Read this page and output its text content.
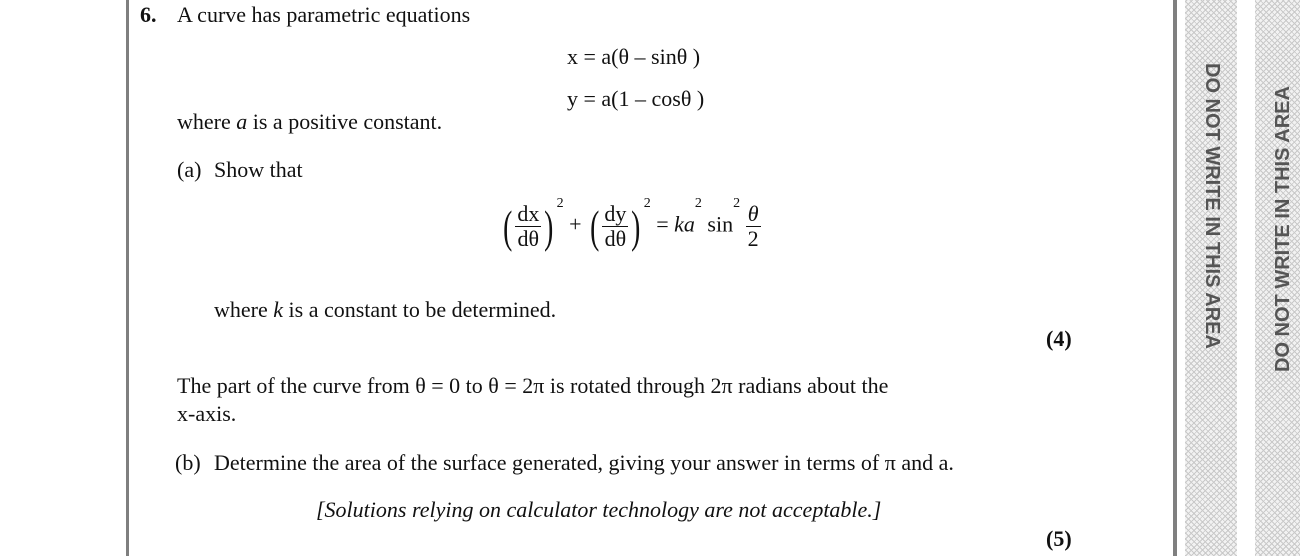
DO NOT WRITE IN THIS AREA DO NOT WRITE IN THIS AREA
6. A curve has parametric equations
x = a(θ – sinθ )
y = a(1 – cosθ )
where a is a positive constant.
(a) Show that
( $\frac{dx}{d\theta}$ ) $^2$ + ( $\frac{dy}{d\theta}$ ) $^2 = ka^2$ $\sin^2 \frac{\theta}{2}$
where k is a constant to be determined.
(4)
The part of the curve from θ = 0 to θ = 2π is rotated through 2π radians about the
x-axis.
(b) Determine the area of the surface generated, giving your answer in terms of π and a.
[Solutions relying on calculator technology are not acceptable.]
(5)
